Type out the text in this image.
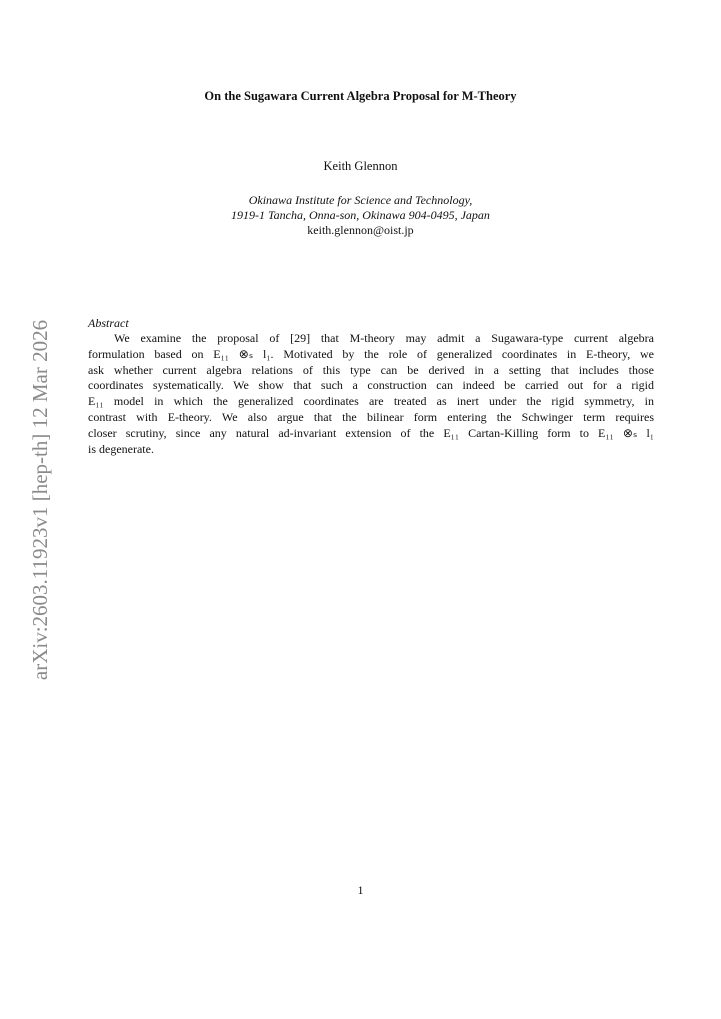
arXiv:2603.11923v1 [hep-th] 12 Mar 2026
On the Sugawara Current Algebra Proposal for M-Theory
Keith Glennon
Okinawa Institute for Science and Technology,
1919-1 Tancha, Onna-son, Okinawa 904-0495, Japan
keith.glennon@oist.jp
Abstract
We examine the proposal of [29] that M-theory may admit a Sugawara-type current algebra
formulation based on E₁₁ ⊗ₛ l₁. Motivated by the role of generalized coordinates in E-theory, we
ask whether current algebra relations of this type can be derived in a setting that includes those
coordinates systematically. We show that such a construction can indeed be carried out for a rigid
E₁₁ model in which the generalized coordinates are treated as inert under the rigid symmetry, in
contrast with E-theory. We also argue that the bilinear form entering the Schwinger term requires
closer scrutiny, since any natural ad-invariant extension of the E₁₁ Cartan-Killing form to E₁₁ ⊗ₛ l₁
is degenerate.
1
